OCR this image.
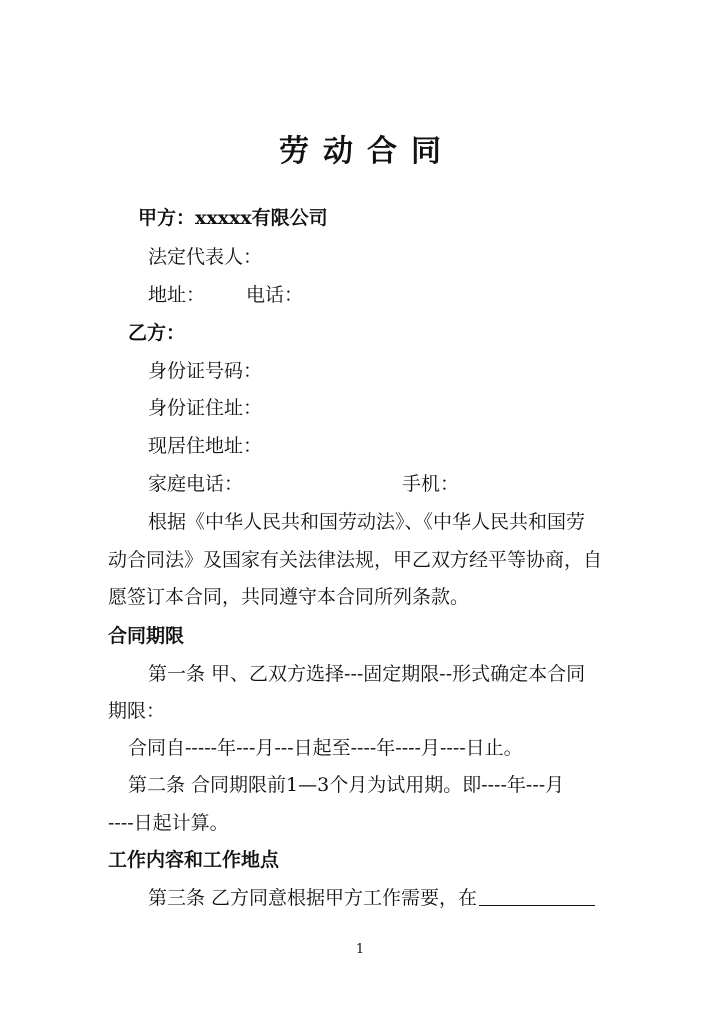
劳动合同
甲方：xxxxx有限公司
法定代表人：
地址： 电话：
乙方：
身份证号码：
身份证住址：
现居住地址：
家庭电话：	手机：
根据《中华人民共和国劳动法》、《中华人民共和国劳
动合同法》及国家有关法律法规，甲乙双方经平等协商，自
愿签订本合同，共同遵守本合同所列条款。
合同期限
第一条 甲、乙双方选择---固定期限--形式确定本合同
期限：
合同自-----年---月---日起至----年----月----日止。
第二条 合同期限前1—3个月为试用期。即----年---月
----日起计算。
工作内容和工作地点
第三条 乙方同意根据甲方工作需要，在
1
